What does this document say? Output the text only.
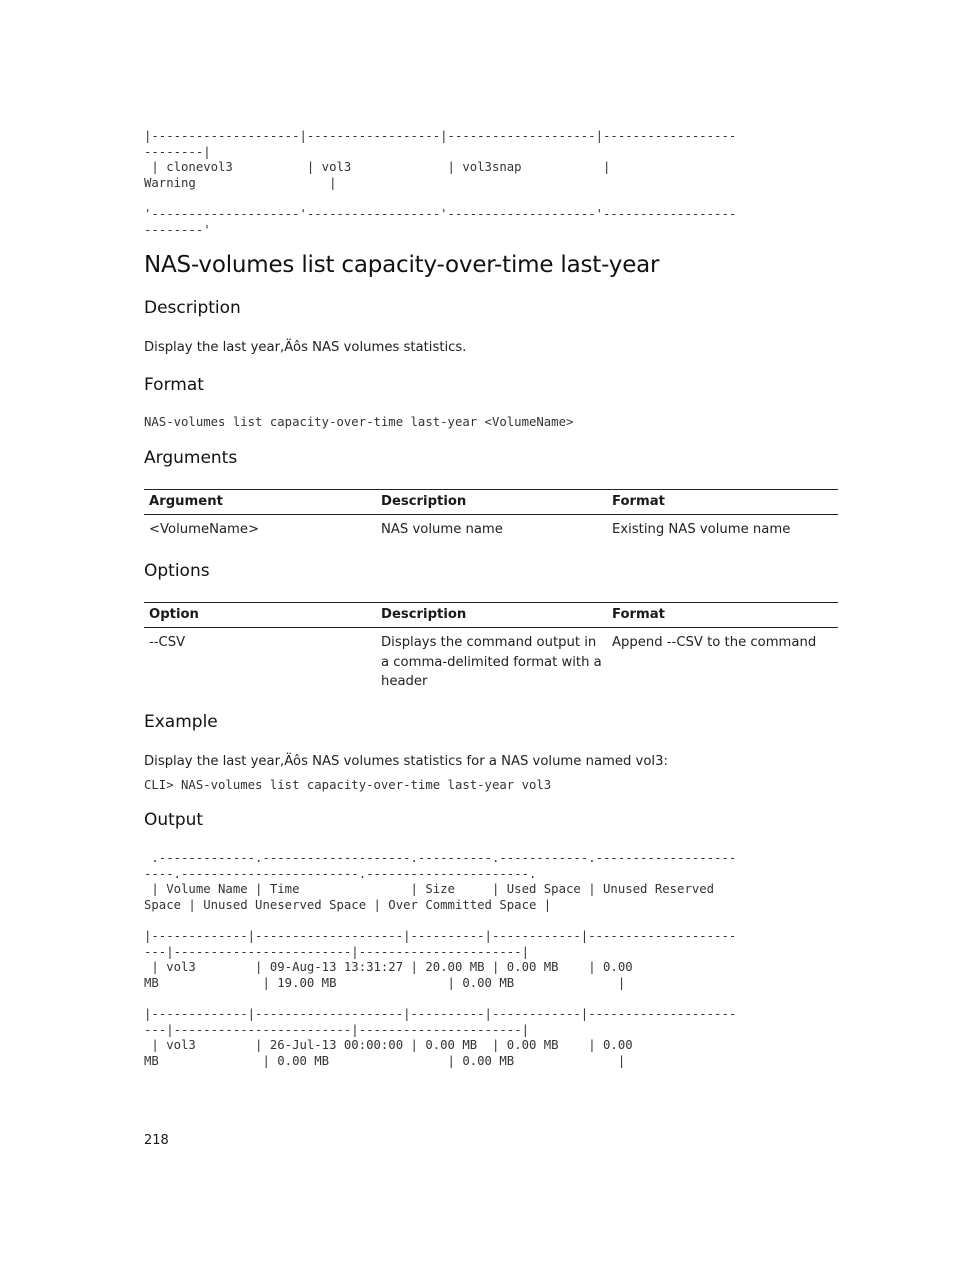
|--------------------|------------------|--------------------|------------------
--------|
| clonevol3          | vol3             | vol3snap           |
Warning                  |

'--------------------'------------------'--------------------'------------------
--------'
NAS-volumes list capacity-over-time last-year
Description

Display the last year,Äôs NAS volumes statistics.

Format
NAS-volumes list capacity-over-time last-year <VolumeName>
Arguments
Argument	Description	Format
<VolumeName>	NAS volume name	Existing NAS volume name
Options
Option	Description	Format
--CSV	Displays the command output in a comma-delimited format with a header	Append --CSV to the command
Example

Display the last year,Äôs NAS volumes statistics for a NAS volume named vol3:

CLI> NAS-volumes list capacity-over-time last-year vol3
Output
.-------------.--------------------.----------.------------.-------------------
----.------------------------.----------------------.
| Volume Name | Time               | Size     | Used Space | Unused Reserved
Space | Unused Uneserved Space | Over Committed Space |

|-------------|--------------------|----------|------------|--------------------
---|------------------------|----------------------|
| vol3        | 09-Aug-13 13:31:27 | 20.00 MB | 0.00 MB    | 0.00
MB              | 19.00 MB               | 0.00 MB              |

|-------------|--------------------|----------|------------|--------------------
---|------------------------|----------------------|
| vol3        | 26-Jul-13 00:00:00 | 0.00 MB  | 0.00 MB    | 0.00
MB              | 0.00 MB                | 0.00 MB              |
218
